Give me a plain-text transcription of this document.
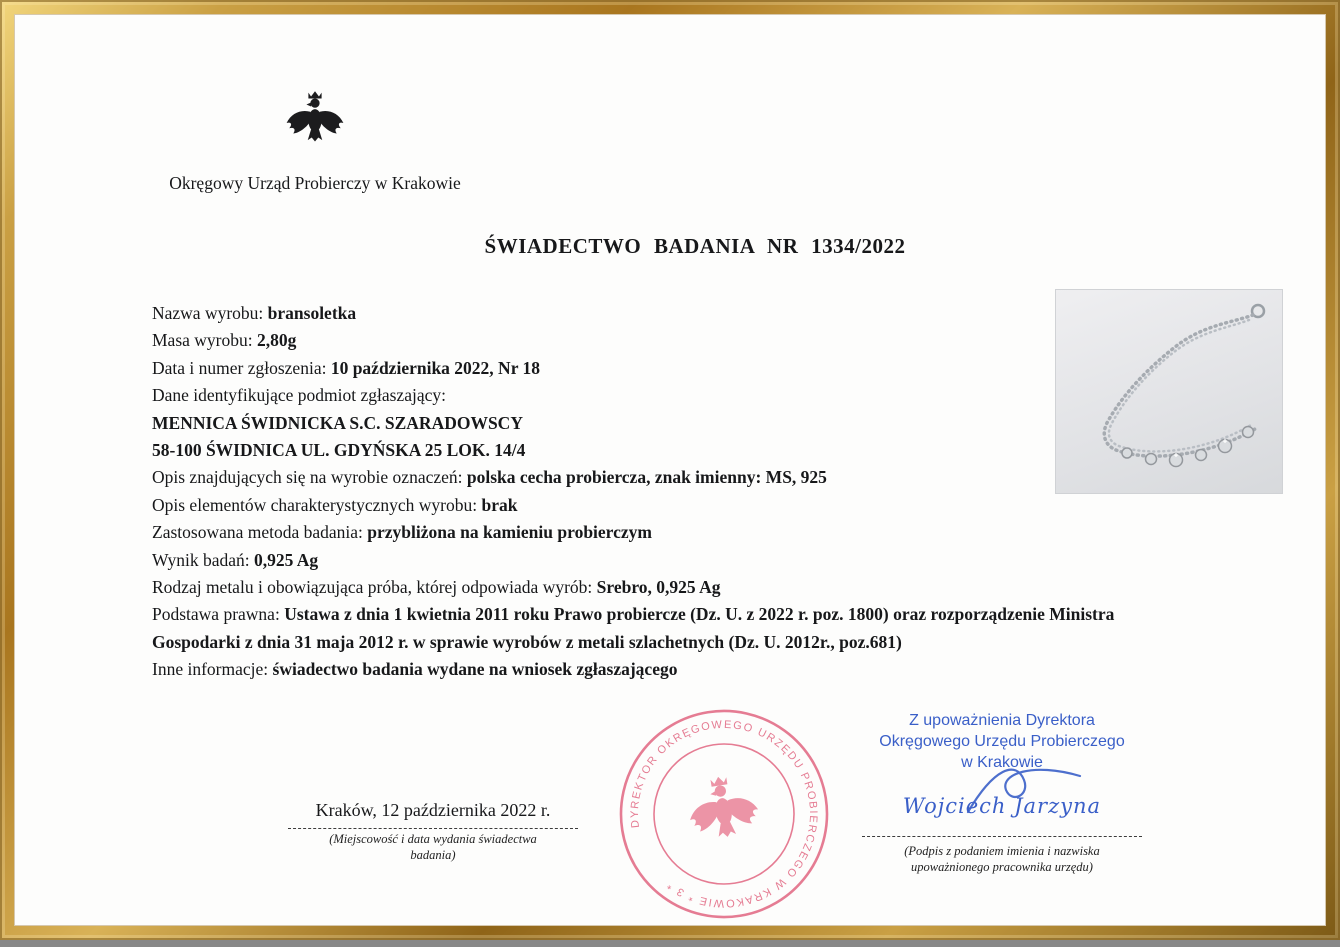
Okręgowy Urząd Probierczy w Krakowie
ŚWIADECTWO BADANIA NR 1334/2022
Nazwa wyrobu: bransoletka
Masa wyrobu: 2,80g
Data i numer zgłoszenia: 10 października 2022, Nr 18
Dane identyfikujące podmiot zgłaszający:
MENNICA ŚWIDNICKA S.C. SZARADOWSCY
58-100 ŚWIDNICA UL. GDYŃSKA 25 LOK. 14/4
Opis znajdujących się na wyrobie oznaczeń: polska cecha probiercza, znak imienny: MS, 925
Opis elementów charakterystycznych wyrobu: brak
Zastosowana metoda badania: przybliżona na kamieniu probierczym
Wynik badań: 0,925 Ag
Rodzaj metalu i obowiązująca próba, której odpowiada wyrób: Srebro, 0,925 Ag
Podstawa prawna: Ustawa z dnia 1 kwietnia 2011 roku Prawo probiercze (Dz. U. z 2022 r. poz. 1800) oraz rozporządzenie Ministra Gospodarki z dnia 31 maja 2012 r. w sprawie wyrobów z metali szlachetnych (Dz. U. 2012r., poz.681)
Inne informacje: świadectwo badania wydane na wniosek zgłaszającego
Kraków, 12 października 2022 r.
(Miejscowość i data wydania świadectwa
badania)
DYREKTOR OKRĘGOWEGO URZĘDU PROBIERCZEGO W KRAKOWIE * 3 *
Z upoważnienia Dyrektora
Okręgowego Urzędu Probierczego
w Krakowie
Wojciech Jarzyna
(Podpis z podaniem imienia i nazwiska
upoważnionego pracownika urzędu)
